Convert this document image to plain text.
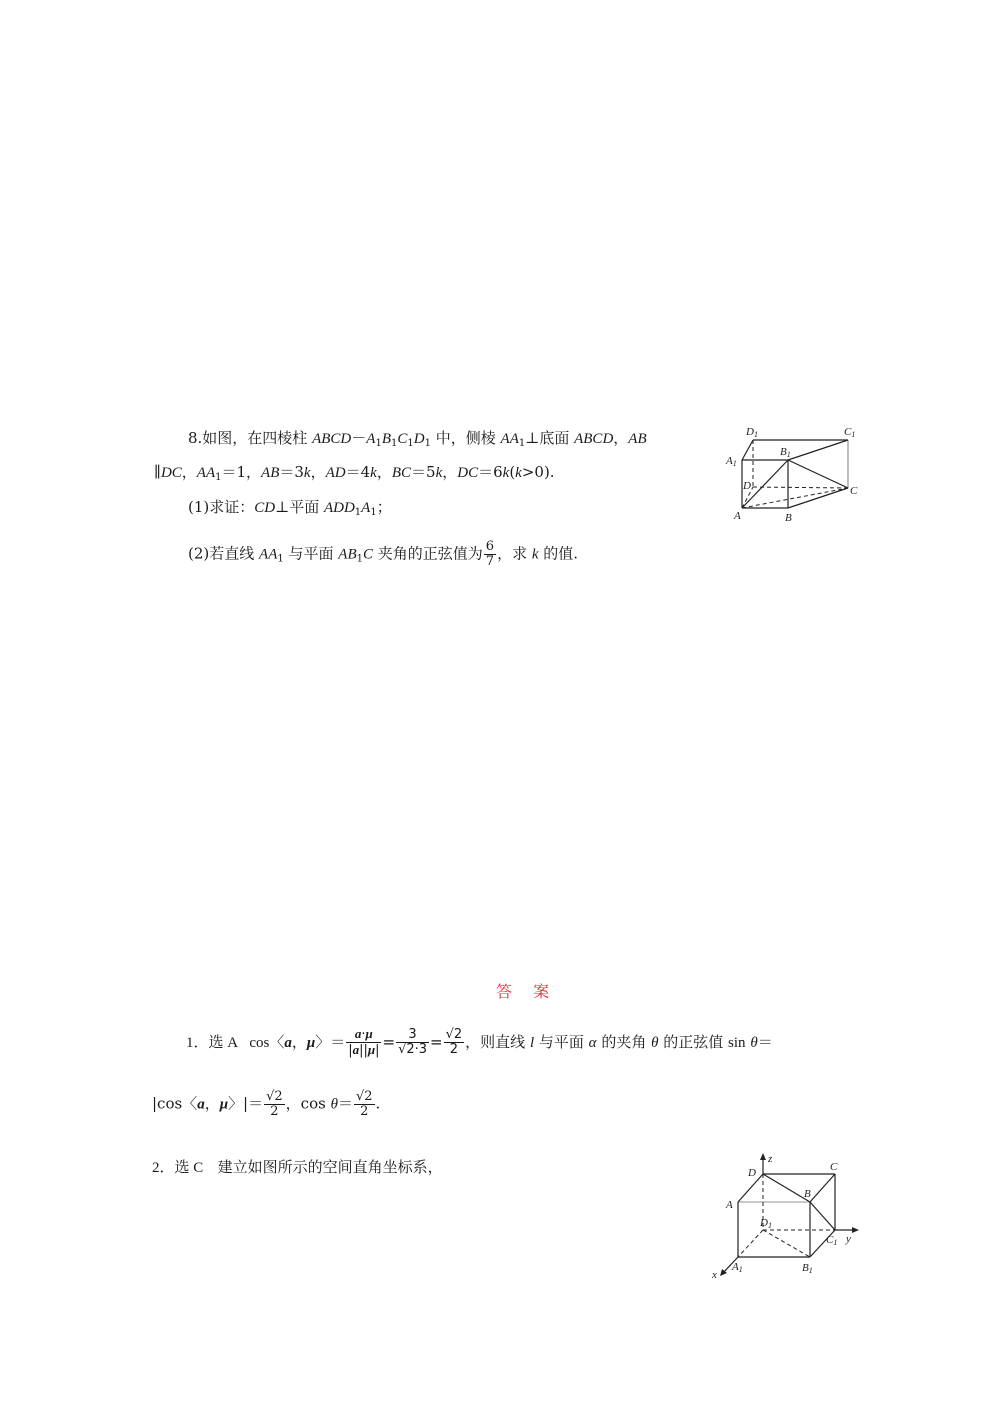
8.如图，在四棱柱 $ABCD-A_1B_1C_1D_1$ 中，侧棱 $AA_1\perp$底面 ABCD，AB
∥DC，$AA_1=1$，AB＝3k，AD＝4k，BC＝5k，DC＝6k(k>0).
(1)求证：CD⊥平面 $ADD_1A_1$；
(2)若直线 $AA_1$ 与平面 $AB_1C$ 夹角的正弦值为 $\frac{6}{7}$ ，求 k 的值.
D1	C1
A1
B1
D	C
A	B
答 案
1．选 A   cos〈a，μ〉＝ $\frac{a\cdot\mu}{|a||\mu|} = \frac{3}{√2\cdot 3} = \frac{√2}{2}$ ，则直线 l 与平面 α 的夹角 θ 的正弦值 sin θ＝
|cos〈a，μ〉|＝ $\frac{√2}{2}$ ，$\cos \theta= \frac{√2}{2}$ .
2．选 C 建立如图所示的空间直角坐标系，	z
D	C
A
B
D1
C1 y
x
A1	B1
